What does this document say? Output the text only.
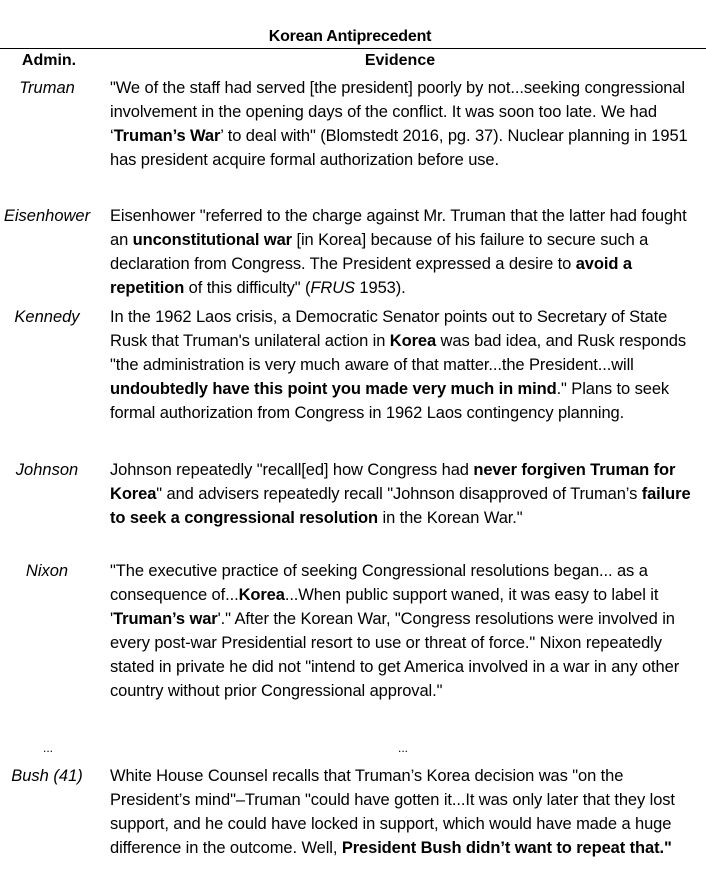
Korean Antiprecedent
Admin.	Evidence
Truman	"We of the staff had served [the president] poorly by not...seeking congressional involvement in the opening days of the conflict. It was soon too late. We had ‘Truman’s War’ to deal with" (Blomstedt 2016, pg. 37). Nuclear planning in 1951 has president acquire formal authorization before use.
Eisenhower	Eisenhower "referred to the charge against Mr. Truman that the latter had fought an unconstitutional war [in Korea] because of his failure to secure such a declaration from Congress. The President expressed a desire to avoid a repetition of this difficulty" (FRUS 1953).
Kennedy	In the 1962 Laos crisis, a Democratic Senator points out to Secretary of State Rusk that Truman's unilateral action in Korea was bad idea, and Rusk responds "the administration is very much aware of that matter...the President...will undoubtedly have this point you made very much in mind." Plans to seek formal authorization from Congress in 1962 Laos contingency planning.
Johnson	Johnson repeatedly "recall[ed] how Congress had never forgiven Truman for Korea" and advisers repeatedly recall "Johnson disapproved of Truman’s failure to seek a congressional resolution in the Korean War."
Nixon	"The executive practice of seeking Congressional resolutions began... as a consequence of...Korea...When public support waned, it was easy to label it 'Truman’s war'." After the Korean War, "Congress resolutions were involved in every post-war Presidential resort to use or threat of force." Nixon repeatedly stated in private he did not "intend to get America involved in a war in any other country without prior Congressional approval."
...	...
Bush (41)	White House Counsel recalls that Truman’s Korea decision was "on the President’s mind"–Truman "could have gotten it...It was only later that they lost support, and he could have locked in support, which would have made a huge difference in the outcome. Well, President Bush didn’t want to repeat that."
